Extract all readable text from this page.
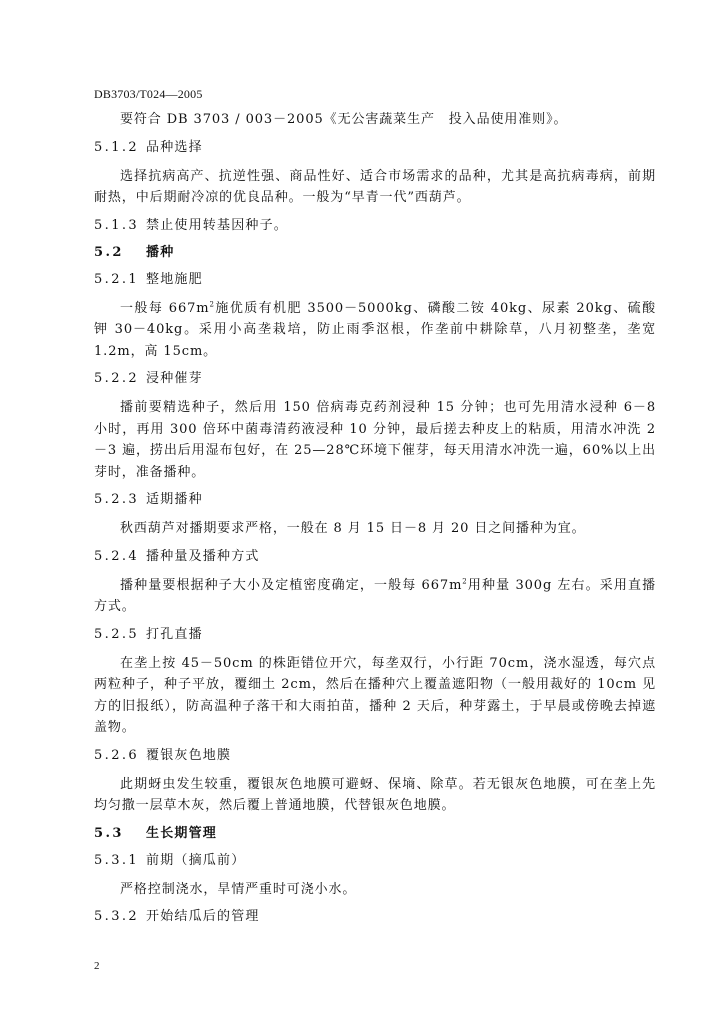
DB3703/T024—2005

要符合 DB 3703 / 003－2005《无公害蔬菜生产　投入品使用准则》。

5.1.2 品种选择

选择抗病高产、抗逆性强、商品性好、适合市场需求的品种，尤其是高抗病毒病，前期耐热，中后期耐冷凉的优良品种。一般为“早青一代”西葫芦。

5.1.3 禁止使用转基因种子。
5.2 播种
5.2.1 整地施肥

一般每 $667m^2$施优质有机肥 3500－5000kg、磷酸二铵 40kg、尿素 20kg、硫酸钾 30－40kg。采用小高垄栽培，防止雨季沤根，作垄前中耕除草，八月初整垄，垄宽 1.2m，高 15cm。

5.2.2 浸种催芽

播前要精选种子，然后用 150 倍病毒克药剂浸种 15 分钟；也可先用清水浸种 6－8 小时，再用 300 倍环中菌毒清药液浸种 10 分钟，最后搓去种皮上的粘质，用清水冲洗 2－3 遍，捞出后用湿布包好，在 25—28℃环境下催芽，每天用清水冲洗一遍，60%以上出芽时，准备播种。

5.2.3 适期播种

秋西葫芦对播期要求严格，一般在 8 月 15 日－8 月 20 日之间播种为宜。

5.2.4 播种量及播种方式

播种量要根据种子大小及定植密度确定，一般每 $667m^2$用种量 300g 左右。采用直播方式。

5.2.5 打孔直播

在垄上按 45－50cm 的株距错位开穴，每垄双行，小行距 70cm，浇水湿透，每穴点两粒种子，种子平放，覆细土 2cm，然后在播种穴上覆盖遮阳物（一般用裁好的 10cm 见方的旧报纸），防高温种子落干和大雨拍苗，播种 2 天后，种芽露土，于早晨或傍晚去掉遮盖物。

5.2.6 覆银灰色地膜

此期蚜虫发生较重，覆银灰色地膜可避蚜、保墒、除草。若无银灰色地膜，可在垄上先均匀撒一层草木灰，然后覆上普通地膜，代替银灰色地膜。

5.3 生长期管理
5.3.1 前期（摘瓜前）

严格控制浇水，旱情严重时可浇小水。

5.3.2 开始结瓜后的管理
2
